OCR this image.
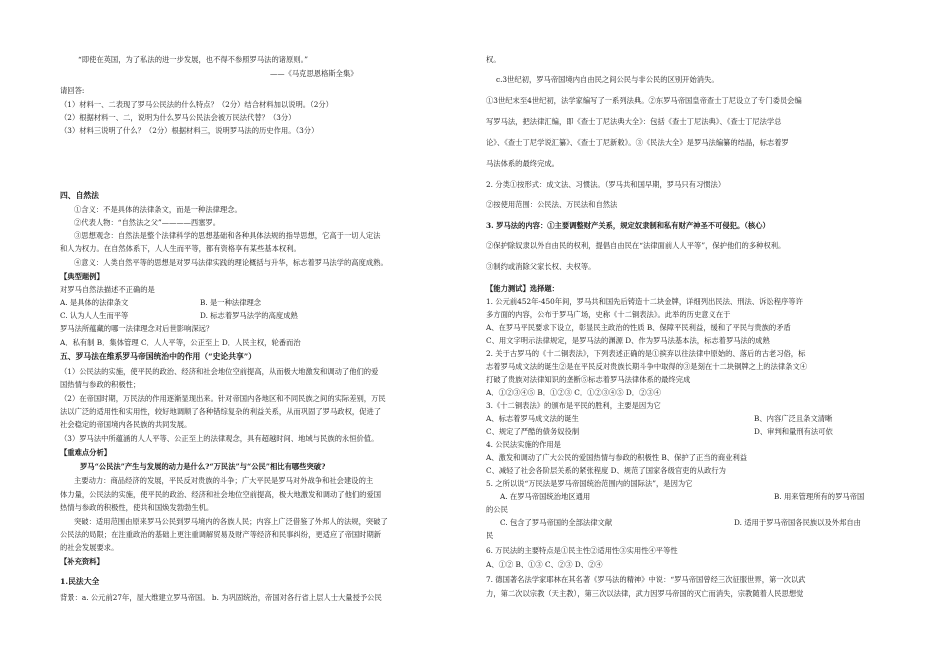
“即使在英国，为了私法的进一步发展，也不得不参照罗马法的诸原则。”
——《马克思恩格斯全集》
请回答:
（1）材料一、二表现了罗马公民法的什么特点？（2分）结合材料加以说明。（2分）
（2）根据材料一、二，说明为什么罗马公民法会被万民法代替？（3分）
（3）材料三说明了什么？（2分）根据材料三，说明罗马法的历史作用。（3分）
四、自然法
①含义：不是具体的法律条文，而是一种法律理念。
②代表人物：“自然法之父”————西塞罗。
③思想观念：自然法是整个法律科学的思想基础和各种具体法规的指导思想，它高于一切人定法
和人为权力。在自然体系下，人人生而平等，都有资格享有某些基本权利。
④意义：人类自然平等的思想是对罗马法律实践的理论概括与升华，标志着罗马法学的高度成熟。
【典型题例】
对罗马自然法描述不正确的是
A. 是具体的法律条文	B. 是一种法律理念
C. 认为人人生而平等	D. 标志着罗马法学的高度成熟
罗马法所蕴藏的哪一法律理念对后世影响深远？
A．私有制 B．集体管理 C．人人平等，公正至上 D．人民主权，轮番而治
五、罗马法在维系罗马帝国统治中的作用（“史论共享”）
（1）公民法的实施，使平民的政治、经济和社会地位空前提高，从而极大地激发和调动了他们的爱
国热情与参政的积极性；
（2）在帝国时期，万民法的作用逐渐显现出来。针对帝国内各地区和不同民族之间的实际差别，万民
法以广泛的适用性和实用性，较好地调顺了各种错综复杂的利益关系，从而巩固了罗马政权，促进了
社会稳定的帝国境内各民族的共同发展。
（3）罗马法中所蕴涵的人人平等、公正至上的法律观念，具有超越时间、地域与民族的永恒价值。
【重难点分析】
罗马“公民法”产生与发展的动力是什么?“万民法”与“公民”相比有哪些突破?
主要动力：商品经济的发展，平民反对贵族的斗争；广大平民是罗马对外战争和社会建设的主
体力量，公民法的实施，使平民的政治、经济和社会地位空前提高，极大地激发和调动了他们的爱国
热情与参政的积极性，使共和国焕发勃勃生机。
突破：适用范围由原来罗马公民到罗马境内的各族人民；内容上广泛借鉴了外邦人的法规，突破了
公民法的局限；在注重政治的基础上更注重调解贸易及财产等经济和民事纠纷，更适应了帝国时期新
的社会发展要求。
【补充资料】
1.民法大全
背景：a. 公元前27年，屋大维建立罗马帝国。 b. 为巩固统治，帝国对各行省上层人士大量授予公民
权。
c.3世纪初，罗马帝国境内自由民之间公民与非公民的区别开始消失。
①3世纪末至4世纪初，法学家编写了一系列法典。②东罗马帝国皇帝查士丁尼设立了专门委员会编
写罗马法，把法律汇编，即《查士丁尼法典大全》：包括《查士丁尼法典》、《查士丁尼法学总
论》、《查士丁尼学说汇纂》、《查士丁尼新敕》。③《民法大全》是罗马法编纂的结晶，标志着罗
马法体系的最终完成。
2. 分类①按形式：成文法、习惯法。（罗马共和国早期，罗马只有习惯法）
②按使用范围：公民法、万民法和自然法
3. 罗马法的内容：①主要调整财产关系，规定奴隶制和私有财产神圣不可侵犯。（核心）
②保护除奴隶以外自由民的权利，提倡自由民在“法律面前人人平等”，保护他们的多种权利。
③制约或消除父家长权、夫权等。
【能力测试】选择题：
1. 公元前452年-450年间，罗马共和国先后铸造十二块金牌，详细列出民法、刑法、诉讼程序等许
多方面的内容，公布于罗马广场，史称《十二铜表法》。此举的历史意义在于
A、在罗马平民要求下设立，彰显民主政治的性质 B、保障平民利益，缓和了平民与贵族的矛盾
C、用文字明示法律规定，是罗马法的渊源 D、作为罗马法基本法，标志着罗马法的成熟
2. 关于古罗马的《十二铜表法》，下列表述正确的是①摈弃以往法律中原始的、落后的古老习俗，标
志着罗马成文法的诞生②是在平民反对贵族长期斗争中取得的③是刻在十二块铜牌之上的法律条文④
打破了贵族对法律知识的垄断⑤标志着罗马法律体系的最终完成
A．①②③④⑤ B．①②③ C．①②③④⑤ D．②③④
3.《十二铜表法》的颁布是平民的胜利，主要是因为它
A、标志着罗马成文法的诞生	B、内容广泛且条文清晰
C、规定了严酷的债务奴役制	D、审判和量刑有法可依
4. 公民法实施的作用是
A、激发和调动了广大公民的爱国热情与参政的积极性 B、保护了正当的商业利益
C、减轻了社会各阶层关系的紧张程度 D、规范了国家各级官吏的从政行为
5. 之所以说“万民法是罗马帝国统治范围内的国际法”，是因为它
A. 在罗马帝国统治地区通用	B. 用来管理所有的罗马帝国
的公民
C. 包含了罗马帝国的全部法律文献	D. 适用于罗马帝国各民族以及外邦自由
民
6. 万民法的主要特点是①民主性②适用性③实用性④平等性
A、①② B、①③ C、②③ D、②④
7. 德国著名法学家耶林在其名著《罗马法的精神》中说：“罗马帝国曾经三次征服世界，第一次以武
力，第二次以宗教（天主教），第三次以法律，武力因罗马帝国的灭亡而消失，宗教随着人民思想觉
